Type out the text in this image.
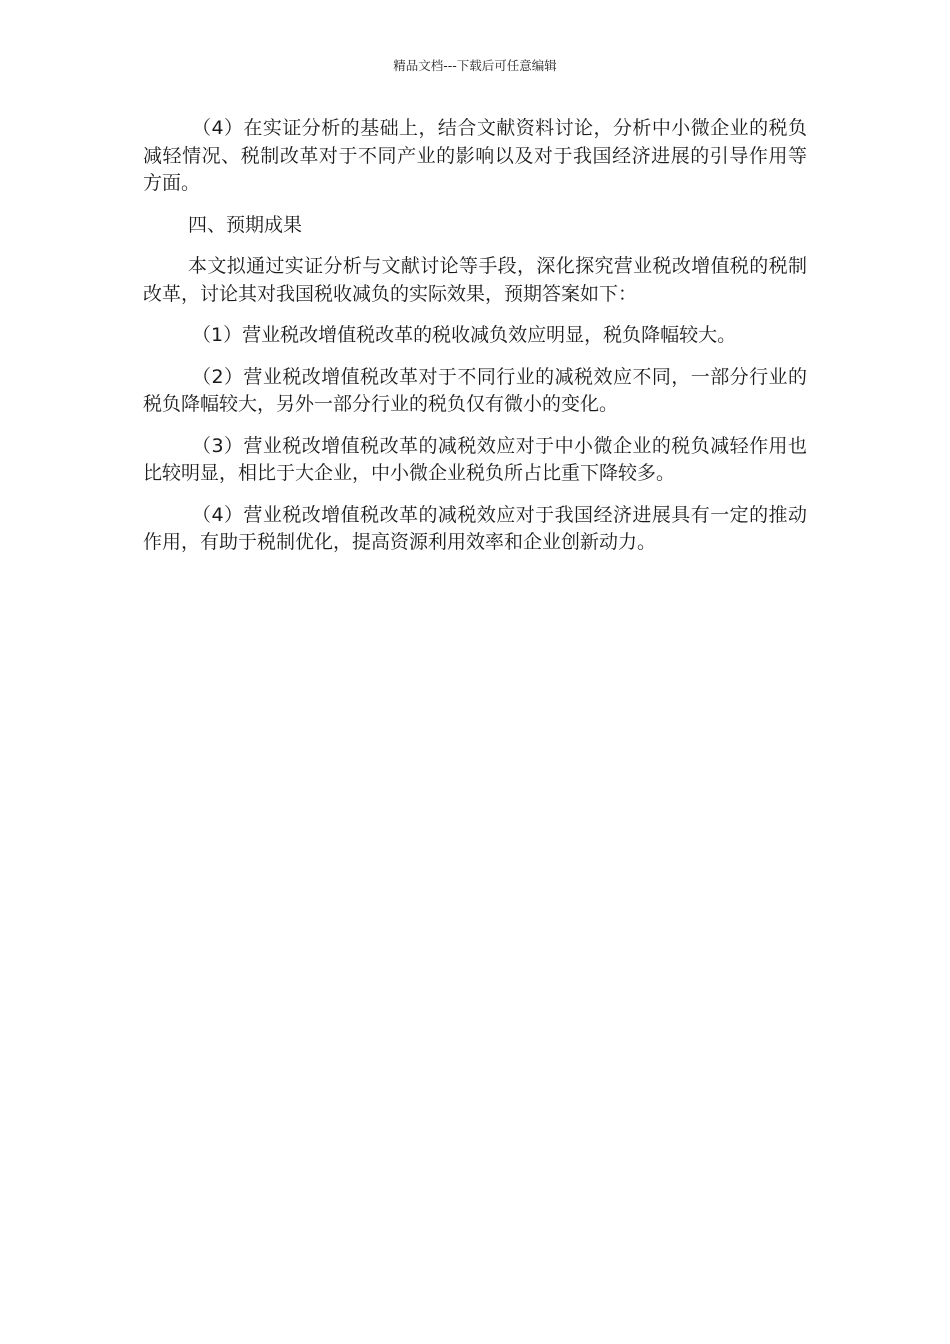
精品文档---下载后可任意编辑

（4）在实证分析的基础上，结合文献资料讨论，分析中小微企业的税负减轻情况、税制改革对于不同产业的影响以及对于我国经济进展的引导作用等方面。

四、预期成果

本文拟通过实证分析与文献讨论等手段，深化探究营业税改增值税的税制改革，讨论其对我国税收减负的实际效果，预期答案如下：

（1）营业税改增值税改革的税收减负效应明显，税负降幅较大。

（2）营业税改增值税改革对于不同行业的减税效应不同，一部分行业的税负降幅较大，另外一部分行业的税负仅有微小的变化。

（3）营业税改增值税改革的减税效应对于中小微企业的税负减轻作用也比较明显，相比于大企业，中小微企业税负所占比重下降较多。

（4）营业税改增值税改革的减税效应对于我国经济进展具有一定的推动作用，有助于税制优化，提高资源利用效率和企业创新动力。
